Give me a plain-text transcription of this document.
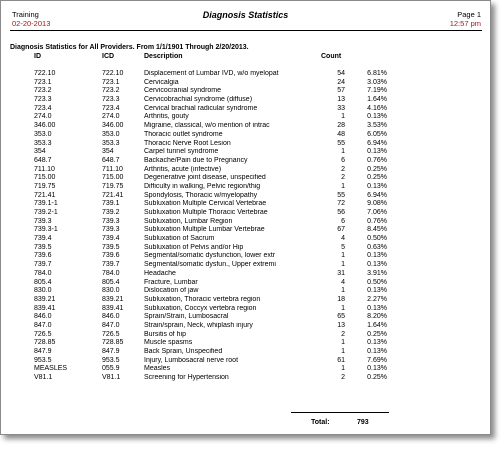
Training
02-20-2013
Diagnosis Statistics	Page 1
12:57 pm
Diagnosis Statistics for All Providers. From 1/1/1901 Through 2/20/2013.
ID	ICD	Description	Count
722.10	722.10	Displacement of Lumbar IVD, w/o myelopat	54	6.81%
723.1	723.1	Cervicalgia	24	3.03%
723.2	723.2	Cervicocranial syndrome	57	7.19%
723.3	723.3	Cervicobrachial syndrome (diffuse)	13	1.64%
723.4	723.4	Cervical brachial radicular syndrome	33	4.16%
274.0	274.0	Arthritis, gouty	1	0.13%
346.00	346.00	Migraine, classical, w/o mention of intrac	28	3.53%
353.0	353.0	Thoracic outlet syndrome	48	6.05%
353.3	353.3	Thoracic Nerve Root Lesion	55	6.94%
354	354	Carpel tunnel syndrome	1	0.13%
648.7	648.7	Backache/Pain due to Pregnancy	6	0.76%
711.10	711.10	Arthritis, acute (infective)	2	0.25%
715.00	715.00	Degenerative joint disease, unspecified	2	0.25%
719.75	719.75	Difficulty in walking, Pelvic region/thig	1	0.13%
721.41	721.41	Spondylosis, Thoracic w/myelopathy	55	6.94%
739.1-1	739.1	Subluxation Multiple Cervical Vertebrae	72	9.08%
739.2-1	739.2	Subluxation Multiple Thoracic Vertebrae	56	7.06%
739.3	739.3	Subluxation, Lumbar Region	6	0.76%
739.3-1	739.3	Subluxation Multiple Lumbar Vertebrae	67	8.45%
739.4	739.4	Subluxation of Sacrum	4	0.50%
739.5	739.5	Subluxation of Pelvis and/or Hip	5	0.63%
739.6	739.6	Segmental/somatic dysfunction, lower extr	1	0.13%
739.7	739.7	Segmental/somatic dysfun., Upper extremi	1	0.13%
784.0	784.0	Headache	31	3.91%
805.4	805.4	Fracture, Lumbar	4	0.50%
830.0	830.0	Dislocation of jaw	1	0.13%
839.21	839.21	Subluxation, Thoracic vertebra region	18	2.27%
839.41	839.41	Subluxation, Coccyx vertebra region	1	0.13%
846.0	846.0	Sprain/Strain, Lumbosacral	65	8.20%
847.0	847.0	Strain/sprain, Neck, whiplash injury	13	1.64%
726.5	726.5	Bursitis of hip	2	0.25%
728.85	728.85	Muscle spasms	1	0.13%
847.9	847.9	Back Sprain, Unspecified	1	0.13%
953.5	953.5	Injury, Lumbosacral nerve root	61	7.69%
MEASLES	055.9	Measles	1	0.13%
V81.1	V81.1	Screening for Hypertension	2	0.25%
Total:	793
